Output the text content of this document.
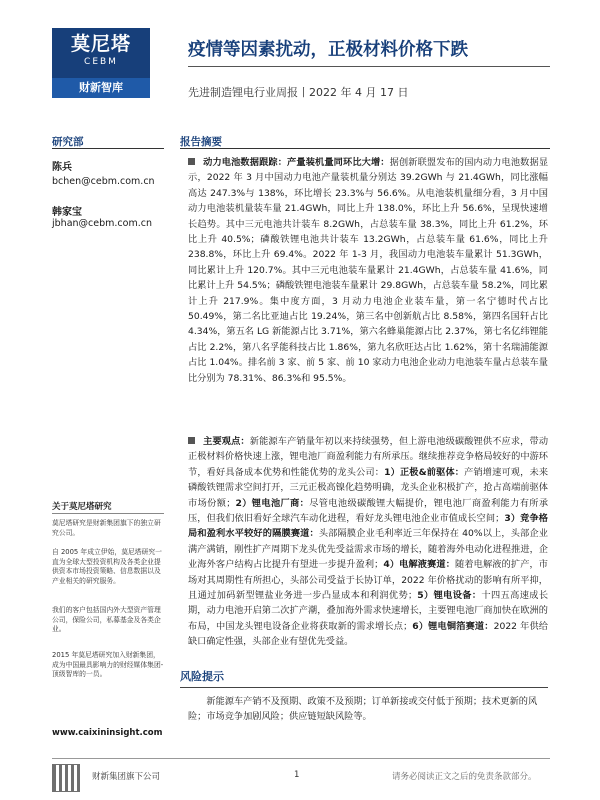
莫尼塔
CEBM
财新智库
疫情等因素扰动，正极材料价格下跌
先进制造锂电行业周报丨2022 年 4 月 17 日
研究部	报告摘要
陈兵
bchen@cebm.com.cn
韩家宝
jbhan@cebm.com.cn
关于莫尼塔研究
莫尼塔研究是财新集团旗下的独立研究公司。
自 2005 年成立伊始，莫尼塔研究一直为全球大型投资机构及各类企业提供资本市场投资策略、信息数据以及产业相关的研究服务。
我们的客户包括国内外大型资产管理公司，保险公司，私募基金及各类企业。
2015 年莫尼塔研究加入财新集团，成为中国最具影响力的财经媒体集团-顶级智库的一员。
www.caixininsight.com
动力电池数据跟踪：产量装机量同环比大增：据创新联盟发布的国内动力电池数据显示，2022 年 3 月中国动力电池产量装机量分别达 39.2GWh 与 21.4GWh，同比涨幅高达 247.3%与 138%，环比增长 23.3%与 56.6%。从电池装机量细分看，3 月中国动力电池装机量装车量 21.4GWh，同比上升 138.0%，环比上升 56.6%，呈现快速增长趋势。其中三元电池共计装车 8.2GWh，占总装车量 38.3%，同比上升 61.2%，环比上升 40.5%；磷酸铁锂电池共计装车 13.2GWh，占总装车量 61.6%，同比上升 238.8%，环比上升 69.4%。2022 年 1-3 月，我国动力电池装车量累计 51.3GWh，同比累计上升 120.7%。其中三元电池装车量累计 21.4GWh，占总装车量 41.6%，同比累计上升 54.5%；磷酸铁锂电池装车量累计 29.8GWh，占总装车量 58.2%，同比累计上升 217.9%。集中度方面，3 月动力电池企业装车量，第一名宁德时代占比 50.49%，第二名比亚迪占比 19.24%，第三名中创新航占比 8.58%，第四名国轩占比 4.34%，第五名 LG 新能源占比 3.71%，第六名蜂巢能源占比 2.37%，第七名亿纬锂能占比 2.2%，第八名孚能科技占比 1.86%，第九名欣旺达占比 1.62%，第十名瑞浦能源占比 1.04%。排名前 3 家、前 5 家、前 10 家动力电池企业动力电池装车量占总装车量比分别为 78.31%、86.3%和 95.5%。
主要观点：新能源车产销量年初以来持续强势，但上游电池级碳酸锂供不应求，带动正极材料价格快速上涨，锂电池厂商盈利能力有所承压。继续推荐竞争格局较好的中游环节，看好具备成本优势和性能优势的龙头公司：1）正极&前驱体：产销增速可观，未来磷酸铁锂需求空间打开，三元正极高镍化趋势明确，龙头企业积极扩产，抢占高端前驱体市场份额；2）锂电池厂商：尽管电池级碳酸锂大幅提价，锂电池厂商盈利能力有所承压，但我们依旧看好全球汽车动化进程，看好龙头锂电池企业市值成长空间；3）竞争格局和盈利水平较好的隔膜赛道：头部隔膜企业毛利率近三年保持在 40%以上，头部企业满产满销，刚性扩产周期下龙头优先受益需求市场的增长，随着海外电动化进程推进，企业海外客户结构占比提升有望进一步提升盈利；4）电解液赛道：随着电解液的扩产，市场对其周期性有所担心，头部公司受益于长协订单，2022 年价格扰动的影响有所平抑，且通过加码新型锂盐业务进一步凸显成本和利润优势；5）锂电设备：十四五高速成长期，动力电池开启第二次扩产潮，叠加海外需求快速增长，主要锂电池厂商加快在欧洲的布局，中国龙头锂电设备企业将获取新的需求增长点；6）锂电铜箔赛道：2022 年供给缺口确定性强，头部企业有望优先受益。
风险提示
新能源车产销不及预期、政策不及预期；订单新接或交付低于预期；技术更新的风险；市场竞争加剧风险；供应链短缺风险等。
财新集团旗下公司	1	请务必阅读正文之后的免责条款部分。
